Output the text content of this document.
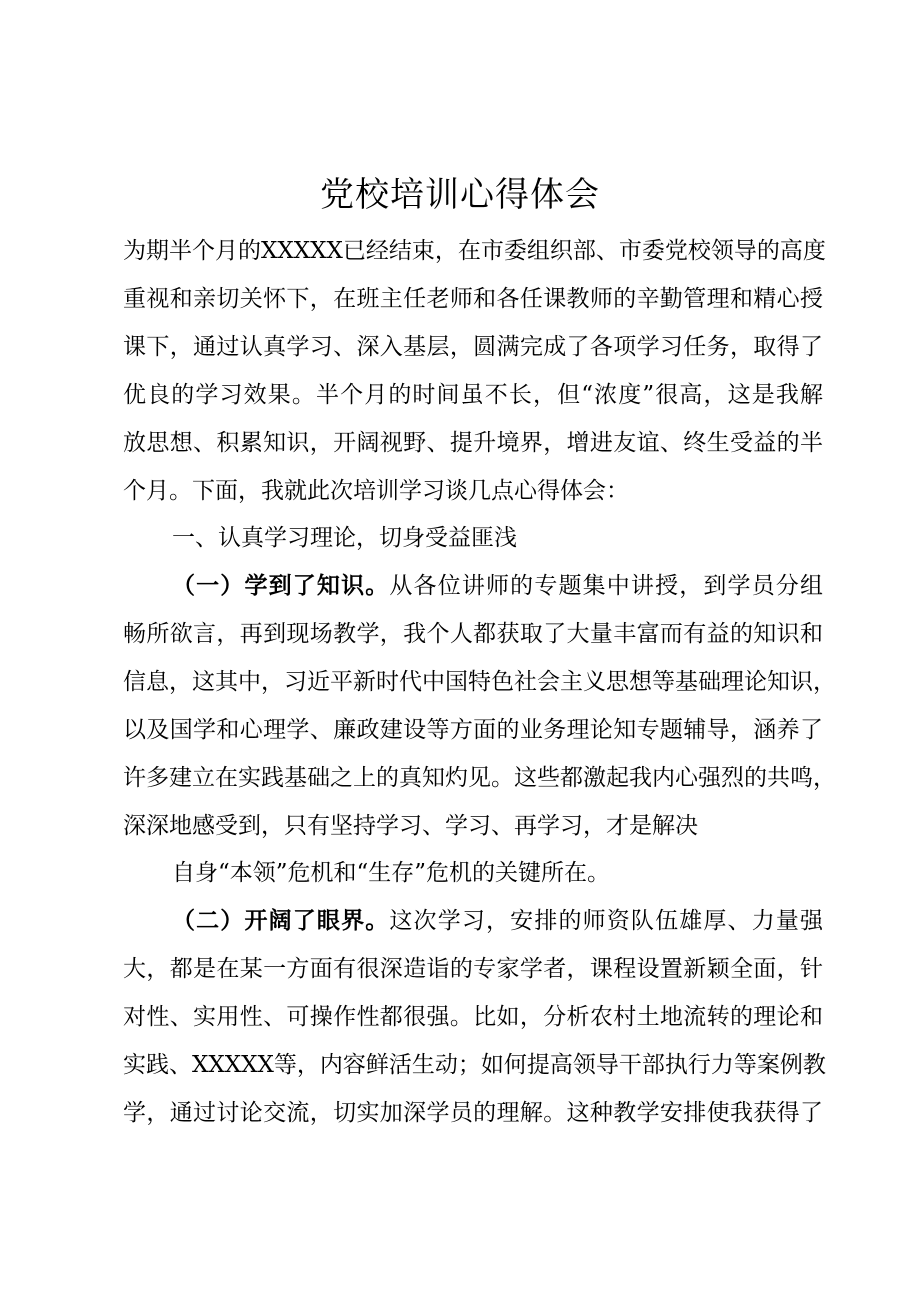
党校培训心得体会
为期半个月的XXXXX已经结束，在市委组织部、市委党校领导的高度
重视和亲切关怀下，在班主任老师和各任课教师的辛勤管理和精心授
课下，通过认真学习、深入基层，圆满完成了各项学习任务，取得了
优良的学习效果。半个月的时间虽不长，但“浓度”很高，这是我解
放思想、积累知识，开阔视野、提升境界，增进友谊、终生受益的半
个月。下面，我就此次培训学习谈几点心得体会：
一、认真学习理论，切身受益匪浅
（一）学到了知识。从各位讲师的专题集中讲授，到学员分组
畅所欲言，再到现场教学，我个人都获取了大量丰富而有益的知识和
信息，这其中，习近平新时代中国特色社会主义思想等基础理论知识，
以及国学和心理学、廉政建设等方面的业务理论知专题辅导，涵养了
许多建立在实践基础之上的真知灼见。这些都激起我内心强烈的共鸣，
深深地感受到，只有坚持学习、学习、再学习，才是解决
自身“本领”危机和“生存”危机的关键所在。
（二）开阔了眼界。这次学习，安排的师资队伍雄厚、力量强
大，都是在某一方面有很深造诣的专家学者，课程设置新颖全面，针
对性、实用性、可操作性都很强。比如，分析农村土地流转的理论和
实践、XXXXX等，内容鲜活生动；如何提高领导干部执行力等案例教
学，通过讨论交流，切实加深学员的理解。这种教学安排使我获得了
